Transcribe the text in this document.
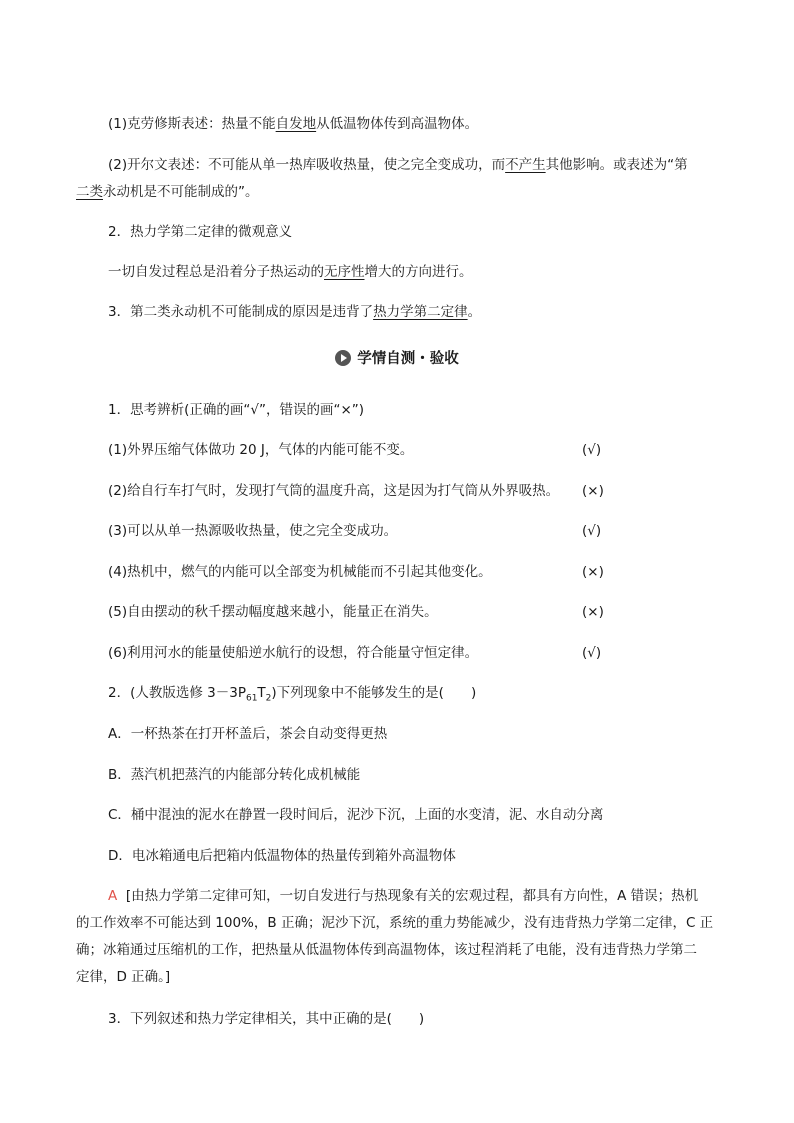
(1)克劳修斯表述：热量不能自发地从低温物体传到高温物体。
(2)开尔文表述：不可能从单一热库吸收热量，使之完全变成功，而不产生其他影响。或表述为“第
二类永动机是不可能制成的”。
2．热力学第二定律的微观意义
一切自发过程总是沿着分子热运动的无序性增大的方向进行。
3．第二类永动机不可能制成的原因是违背了热力学第二定律。
学情自测・验收
1．思考辨析(正确的画“√”，错误的画“×”)
(1)外界压缩气体做功 20 J，气体的内能可能不变。	(√)
(2)给自行车打气时，发现打气筒的温度升高，这是因为打气筒从外界吸热。 (×)
(3)可以从单一热源吸收热量，使之完全变成功。	(√)
(4)热机中，燃气的内能可以全部变为机械能而不引起其他变化。	(×)
(5)自由摆动的秋千摆动幅度越来越小，能量正在消失。	(×)
(6)利用河水的能量使船逆水航行的设想，符合能量守恒定律。	(√)
2．(人教版选修 $3-3P_{61}T_2$)下列现象中不能够发生的是(　　)
A．一杯热茶在打开杯盖后，茶会自动变得更热
B．蒸汽机把蒸汽的内能部分转化成机械能
C．桶中混浊的泥水在静置一段时间后，泥沙下沉，上面的水变清，泥、水自动分离
D．电冰箱通电后把箱内低温物体的热量传到箱外高温物体
A [由热力学第二定律可知，一切自发进行与热现象有关的宏观过程，都具有方向性，A 错误；热机
的工作效率不可能达到 100%，B 正确；泥沙下沉，系统的重力势能减少，没有违背热力学第二定律，C 正
确；冰箱通过压缩机的工作，把热量从低温物体传到高温物体，该过程消耗了电能，没有违背热力学第二
定律，D 正确。]
3．下列叙述和热力学定律相关，其中正确的是(　　)
